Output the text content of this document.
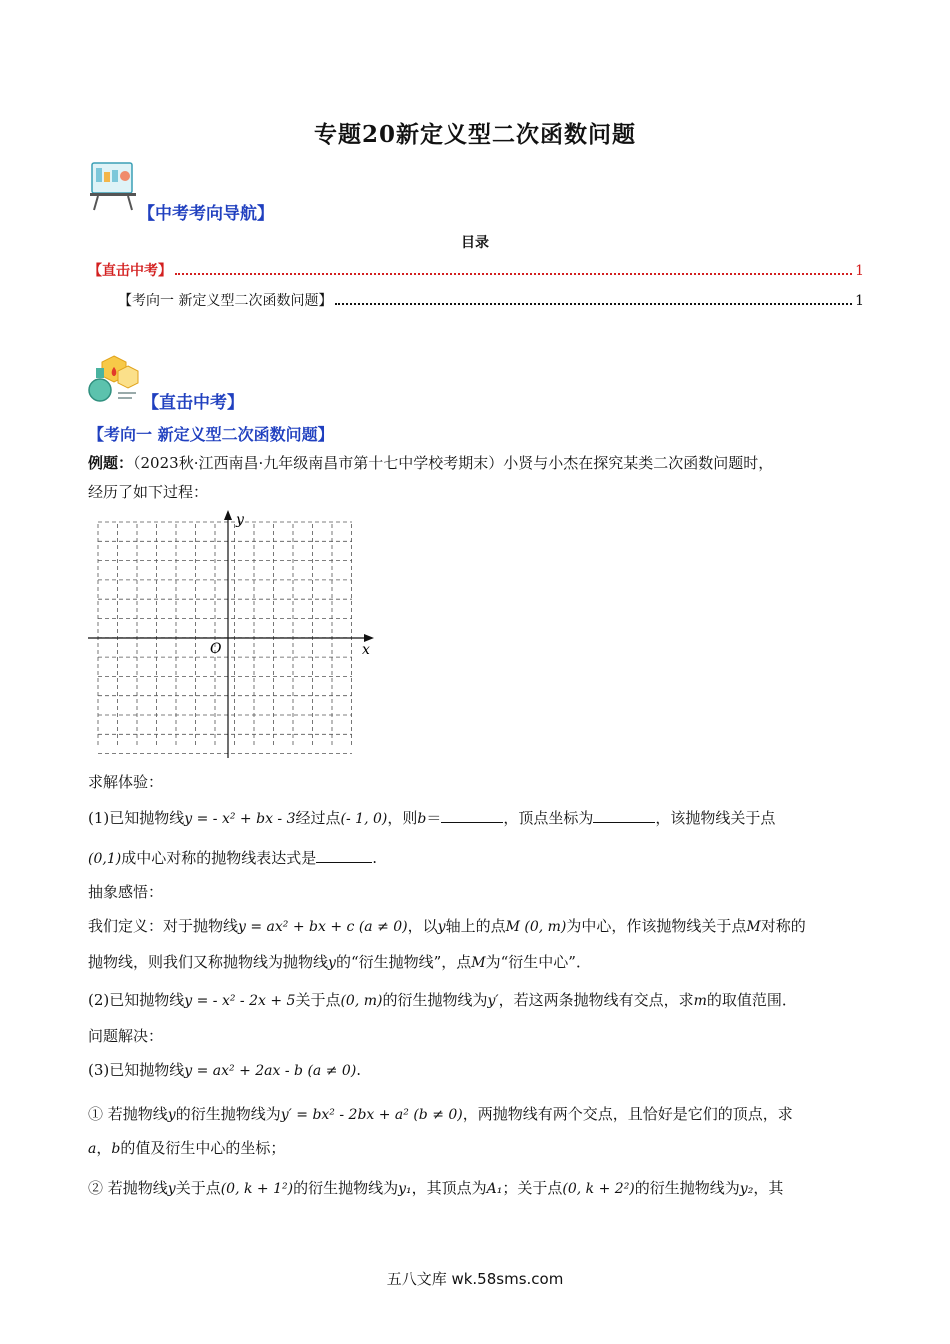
专题20新定义型二次函数问题
【中考考向导航】
目录
【直击中考】	1
【考向一 新定义型二次函数问题】	1
【直击中考】
【考向一 新定义型二次函数问题】
例题：（2023秋·江西南昌·九年级南昌市第十七中学校考期末）小贤与小杰在探究某类二次函数问题时，
经历了如下过程：
y
x
O
求解体验：
(1)已知抛物线y = - x² + bx - 3经过点(- 1, 0)，则b＝	，顶点坐标为	，该抛物线关于点
(0,1)成中心对称的抛物线表达式是	.
抽象感悟：
我们定义：对于抛物线y = ax² + bx + c (a ≠ 0)，以y轴上的点M (0, m)为中心，作该抛物线关于点M对称的
抛物线，则我们又称抛物线为抛物线y的“衍生抛物线”，点M为“衍生中心”．
(2)已知抛物线y = - x² - 2x + 5关于点(0, m)的衍生抛物线为y′，若这两条抛物线有交点，求m的取值范围．
问题解决：
(3)已知抛物线y = ax² + 2ax - b (a ≠ 0).
① 若抛物线y的衍生抛物线为y′ = bx² - 2bx + a² (b ≠ 0)，两抛物线有两个交点，且恰好是它们的顶点，求
a，b的值及衍生中心的坐标；
② 若抛物线y关于点(0, k + 1²)的衍生抛物线为y₁，其顶点为A₁；关于点(0, k + 2²)的衍生抛物线为y₂，其
五八文库 wk.58sms.com
